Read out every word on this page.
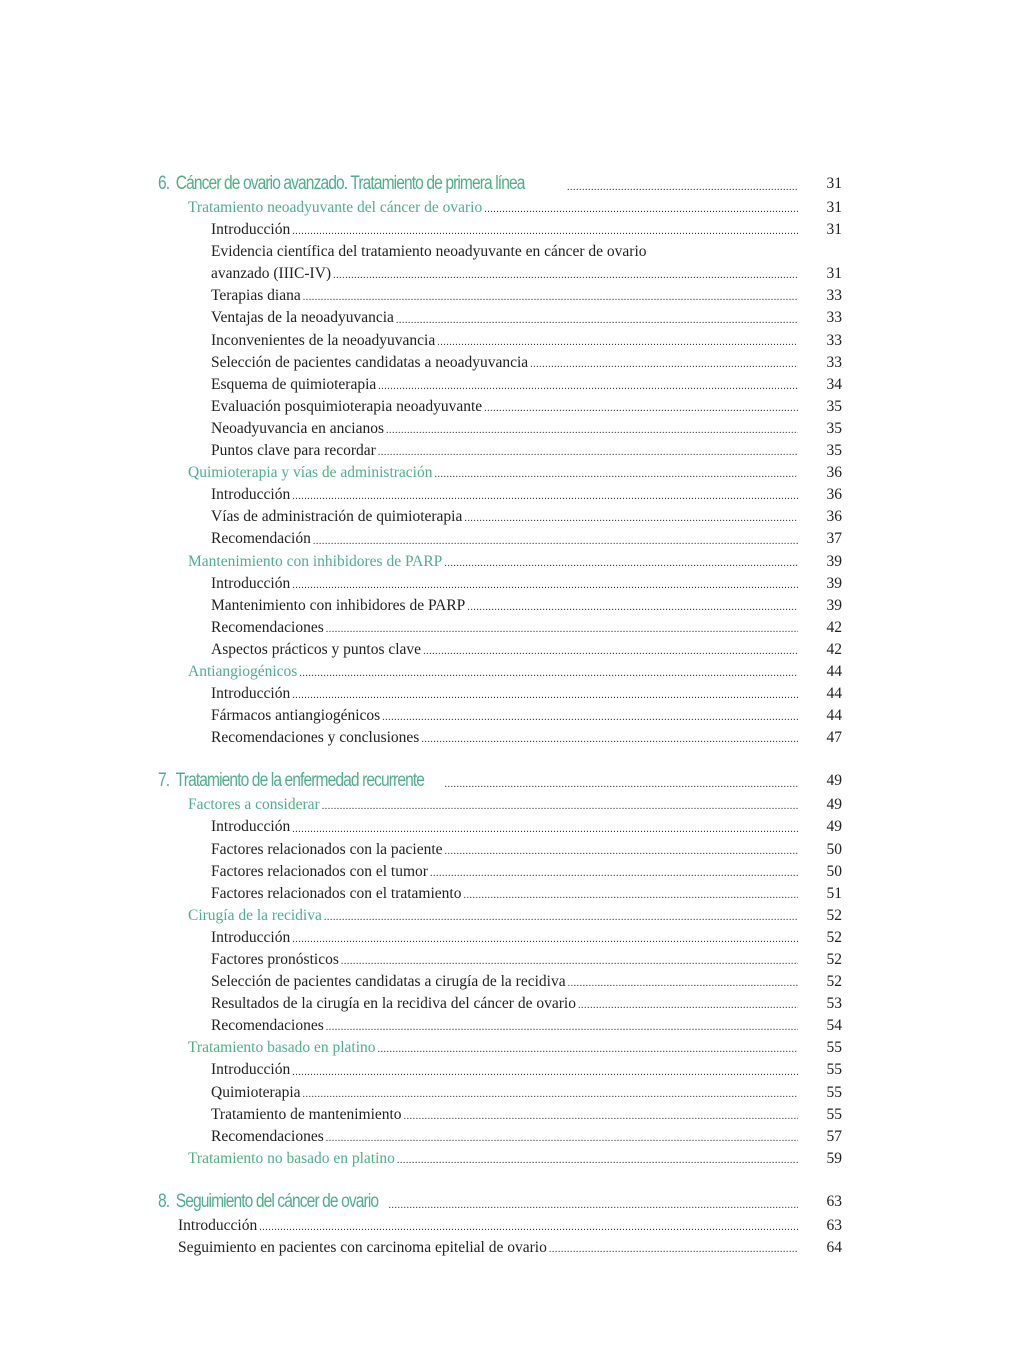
6. Cáncer de ovario avanzado. Tratamiento de primera línea .....	31
Tratamiento neoadyuvante del cáncer de ovario .....	31
Introducción .....	31
Evidencia científica del tratamiento neoadyuvante en cáncer de ovario
avanzado (IIIC-IV) .....	31
Terapias diana .....	33
Ventajas de la neoadyuvancia .....	33
Inconvenientes de la neoadyuvancia .....	33
Selección de pacientes candidatas a neoadyuvancia .....	33
Esquema de quimioterapia .....	34
Evaluación posquimioterapia neoadyuvante .....	35
Neoadyuvancia en ancianos .....	35
Puntos clave para recordar .....	35
Quimioterapia y vías de administración .....	36
Introducción .....	36
Vías de administración de quimioterapia .....	36
Recomendación .....	37
Mantenimiento con inhibidores de PARP .....	39
Introducción .....	39
Mantenimiento con inhibidores de PARP .....	39
Recomendaciones .....	42
Aspectos prácticos y puntos clave .....	42
Antiangiogénicos .....	44
Introducción .....	44
Fármacos antiangiogénicos .....	44
Recomendaciones y conclusiones .....	47
7. Tratamiento de la enfermedad recurrente .....	49
Factores a considerar .....	49
Introducción .....	49
Factores relacionados con la paciente .....	50
Factores relacionados con el tumor .....	50
Factores relacionados con el tratamiento .....	51
Cirugía de la recidiva .....	52
Introducción .....	52
Factores pronósticos .....	52
Selección de pacientes candidatas a cirugía de la recidiva .....	52
Resultados de la cirugía en la recidiva del cáncer de ovario .....	53
Recomendaciones .....	54
Tratamiento basado en platino .....	55
Introducción .....	55
Quimioterapia .....	55
Tratamiento de mantenimiento .....	55
Recomendaciones .....	57
Tratamiento no basado en platino .....	59
8. Seguimiento del cáncer de ovario .....	63
Introducción .....	63
Seguimiento en pacientes con carcinoma epitelial de ovario .....	64
